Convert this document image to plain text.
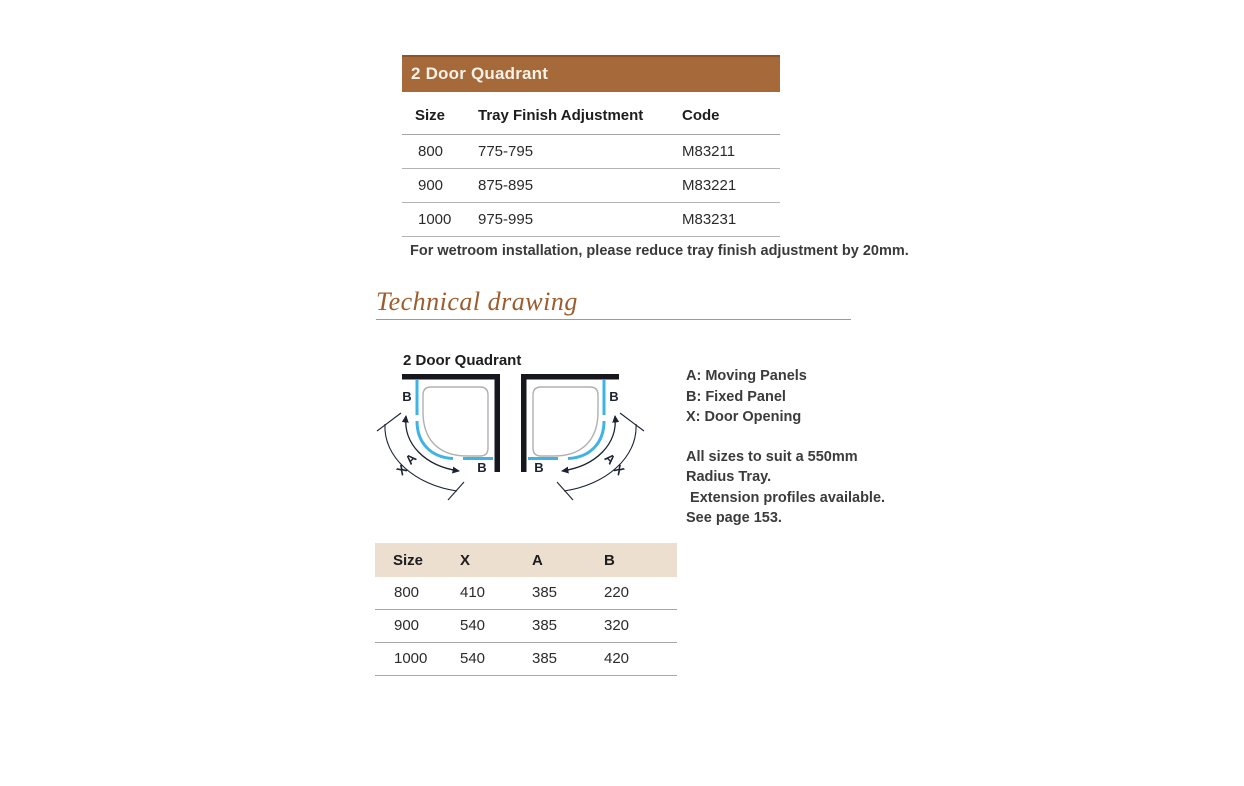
2 Door Quadrant
Size	Tray Finish Adjustment	Code
800	775-795	M83211
900	875-895	M83221
1000	975-995	M83231

For wetroom installation, please reduce tray finish adjustment by 20mm.

Technical drawing
2 Door Quadrant
B
B
A
X
B
B
A
X
A: Moving Panels
B: Fixed Panel
X: Door Opening
All sizes to suit a 550mm Radius Tray.
Extension profiles available.
See page 153.
Size	X	A	B
800	410	385	220
900	540	385	320
1000	540	385	420
